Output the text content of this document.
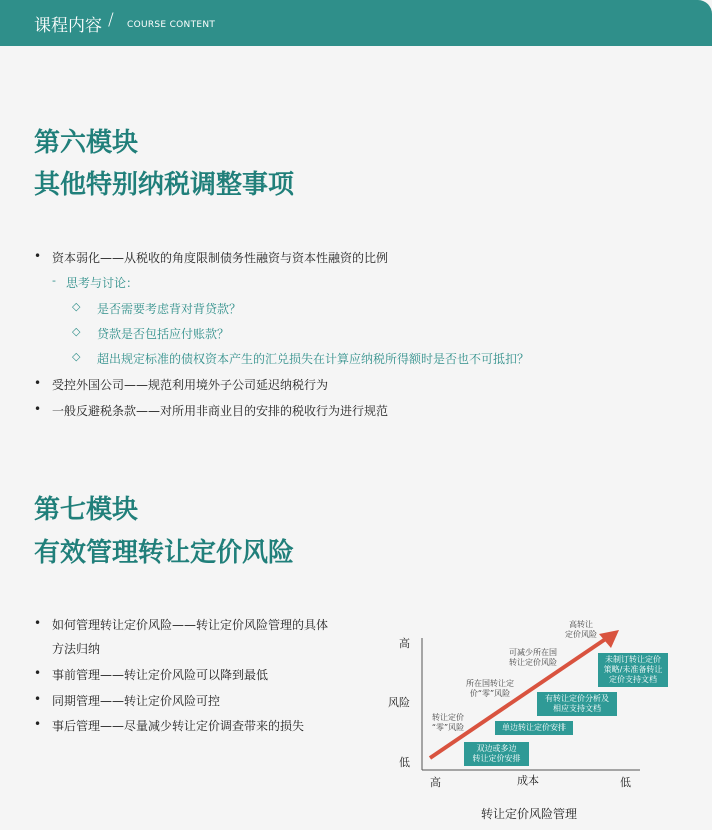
课程内容 / COURSE CONTENT
第六模块
其他特别纳税调整事项
• 资本弱化——从税收的角度限制债务性融资与资本性融资的比例
- 思考与讨论：
◇ 是否需要考虑背对背贷款？
◇ 贷款是否包括应付账款？
◇ 超出规定标准的债权资本产生的汇兑损失在计算应纳税所得额时是否也不可抵扣？
• 受控外国公司——规范利用境外子公司延迟纳税行为
• 一般反避税条款——对所用非商业目的安排的税收行为进行规范
第七模块
有效管理转让定价风险
• 如何管理转让定价风险——转让定价风险管理的具体
方法归纳
• 事前管理——转让定价风险可以降到最低
• 同期管理——转让定价风险可控
• 事后管理——尽量减少转让定价调查带来的损失
高
风险
低
高	成本	低
高转让
定价风险
可减少所在国
转让定价风险
所在国转让定
价“零”风险
转让定价
“零”风险
未制订转让定价
策略/未准备转让
定价支持文档
有转让定价分析及
相应支持文档
单边转让定价安排
双边或多边
转让定价安排
转让定价风险管理
